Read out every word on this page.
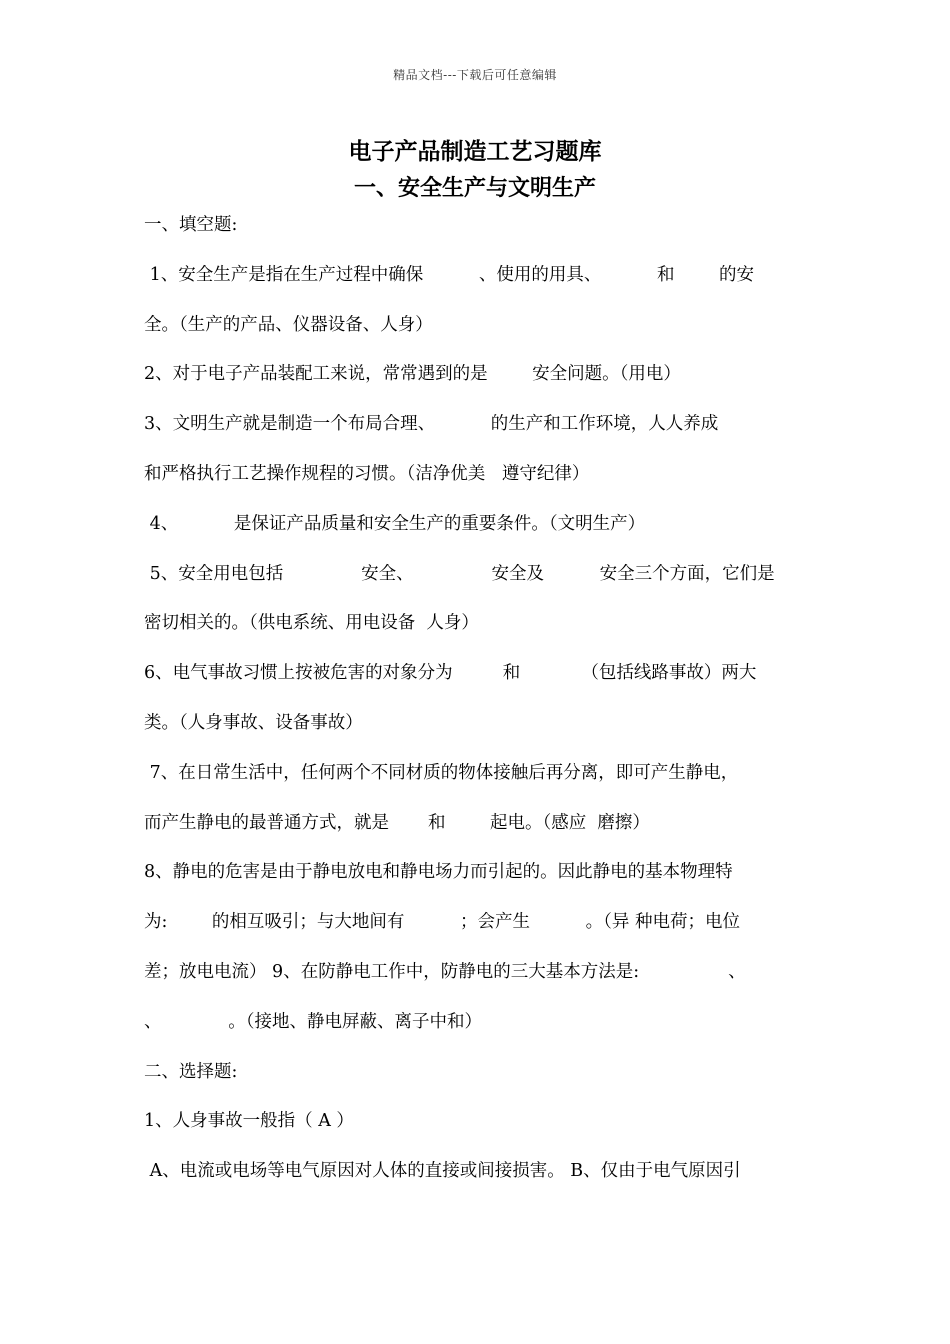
精品文档---下载后可任意编辑
电子产品制造工艺习题库
一、安全生产与文明生产
一、填空题:
1、安全生产是指在生产过程中确保          、使用的用具、          和        的安
全。（生产的产品、仪器设备、人身）
2、对于电子产品装配工来说，常常遇到的是        安全问题。（用电）
3、文明生产就是制造一个布局合理、          的生产和工作环境，人人养成
和严格执行工艺操作规程的习惯。（洁净优美   遵守纪律）
4、          是保证产品质量和安全生产的重要条件。（文明生产）
5、安全用电包括              安全、              安全及          安全三个方面，它们是
密切相关的。（供电系统、用电设备  人身）
6、电气事故习惯上按被危害的对象分为         和           （包括线路事故）两大
类。（人身事故、设备事故）
7、在日常生活中，任何两个不同材质的物体接触后再分离，即可产生静电，
而产生静电的最普通方式，就是       和        起电。（感应  磨擦）
8、静电的危害是由于静电放电和静电场力而引起的。因此静电的基本物理特
为:        的相互吸引；与大地间有          ；会产生          。（异 种电荷；电位
差；放电电流） 9、在防静电工作中，防静电的三大基本方法是:                、
、            。（接地、静电屏蔽、离子中和）
二、选择题:
1、人身事故一般指（ A ）
A、电流或电场等电气原因对人体的直接或间接损害。 B、仅由于电气原因引
